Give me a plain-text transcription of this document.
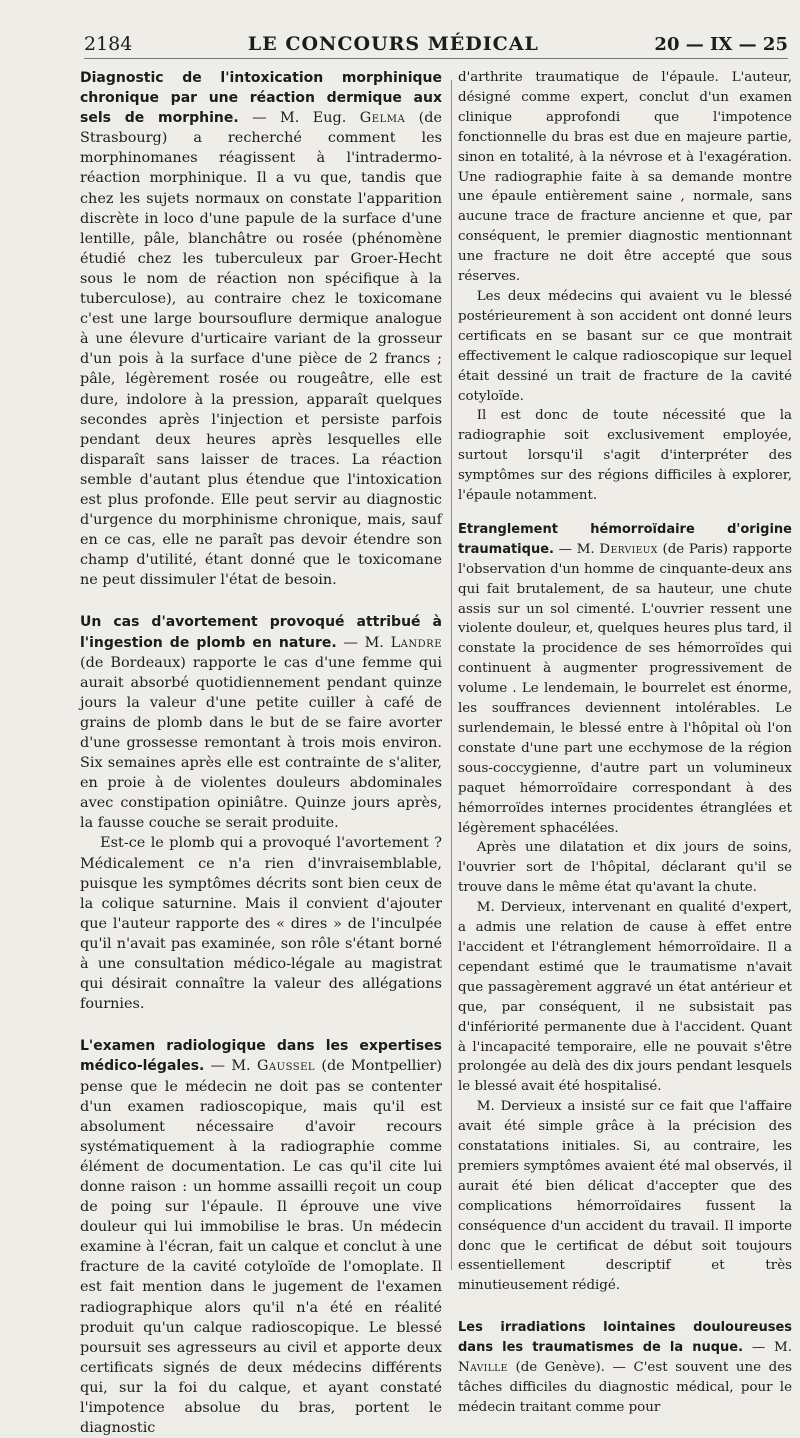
2184	LE CONCOURS MÉDICAL	20 — IX — 25

Diagnostic de l'intoxication morphinique chronique par une réaction dermique aux sels de morphine. — M. Eug. Gelma (de Strasbourg) a recherché comment les morphinomanes réagissent à l'intradermo-réaction morphinique. Il a vu que, tandis que chez les sujets normaux on constate l'apparition discrète in loco d'une papule de la surface d'une lentille, pâle, blanchâtre ou rosée (phénomène étudié chez les tuberculeux par Groer-Hecht sous le nom de réaction non spécifique à la tuberculose), au contraire chez le toxicomane c'est une large boursouflure dermique analogue à une élevure d'urticaire variant de la grosseur d'un pois à la surface d'une pièce de 2 francs ; pâle, légèrement rosée ou rougeâtre, elle est dure, indolore à la pression, apparaît quelques secondes après l'injection et persiste parfois pendant deux heures après lesquelles elle disparaît sans laisser de traces. La réaction semble d'autant plus étendue que l'intoxication est plus profonde. Elle peut servir au diagnostic d'urgence du morphinisme chronique, mais, sauf en ce cas, elle ne paraît pas devoir étendre son champ d'utilité, étant donné que le toxicomane ne peut dissimuler l'état de besoin.

Un cas d'avortement provoqué attribué à l'ingestion de plomb en nature. — M. Landre (de Bordeaux) rapporte le cas d'une femme qui aurait absorbé quotidiennement pendant quinze jours la valeur d'une petite cuiller à café de grains de plomb dans le but de se faire avorter d'une grossesse remontant à trois mois environ. Six semaines après elle est contrainte de s'aliter, en proie à de violentes douleurs abdominales avec constipation opiniâtre. Quinze jours après, la fausse couche se serait produite.

Est-ce le plomb qui a provoqué l'avortement ? Médicalement ce n'a rien d'invraisemblable, puisque les symptômes décrits sont bien ceux de la colique saturnine. Mais il convient d'ajouter que l'auteur rapporte des « dires » de l'inculpée qu'il n'avait pas examinée, son rôle s'étant borné à une consultation médico-légale au magistrat qui désirait connaître la valeur des allégations fournies.

L'examen radiologique dans les expertises médico-légales. — M. Gaussel (de Montpellier) pense que le médecin ne doit pas se contenter d'un examen radioscopique, mais qu'il est absolument nécessaire d'avoir recours systématiquement à la radiographie comme élément de documentation. Le cas qu'il cite lui donne raison : un homme assailli reçoit un coup de poing sur l'épaule. Il éprouve une vive douleur qui lui immobilise le bras. Un médecin examine à l'écran, fait un calque et conclut à une fracture de la cavité cotyloïde de l'omoplate. Il est fait mention dans le jugement de l'examen radiographique alors qu'il n'a été en réalité produit qu'un calque radioscopique. Le blessé poursuit ses agresseurs au civil et apporte deux certificats signés de deux médecins différents qui, sur la foi du calque, et ayant constaté l'impotence absolue du bras, portent le diagnostic

d'arthrite traumatique de l'épaule. L'auteur, désigné comme expert, conclut d'un examen clinique approfondi que l'impotence fonctionnelle du bras est due en majeure partie, sinon en totalité, à la névrose et à l'exagération. Une radiographie faite à sa demande montre une épaule entièrement saine , normale, sans aucune trace de fracture ancienne et que, par conséquent, le premier diagnostic mentionnant une fracture ne doit être accepté que sous réserves.

Les deux médecins qui avaient vu le blessé postérieurement à son accident ont donné leurs certificats en se basant sur ce que montrait effectivement le calque radioscopique sur lequel était dessiné un trait de fracture de la cavité cotyloïde.

Il est donc de toute nécessité que la radiographie soit exclusivement employée, surtout lorsqu'il s'agit d'interpréter des symptômes sur des régions difficiles à explorer, l'épaule notamment.

Etranglement hémorroïdaire d'origine traumatique. — M. Dervieux (de Paris) rapporte l'observation d'un homme de cinquante-deux ans qui fait brutalement, de sa hauteur, une chute assis sur un sol cimenté. L'ouvrier ressent une violente douleur, et, quelques heures plus tard, il constate la procidence de ses hémorroïdes qui continuent à augmenter progressivement de volume . Le lendemain, le bourrelet est énorme, les souffrances deviennent intolérables. Le surlendemain, le blessé entre à l'hôpital où l'on constate d'une part une ecchymose de la région sous-coccygienne, d'autre part un volumineux paquet hémorroïdaire correspondant à des hémorroïdes internes procidentes étranglées et légèrement sphacélées.

Après une dilatation et dix jours de soins, l'ouvrier sort de l'hôpital, déclarant qu'il se trouve dans le même état qu'avant la chute.

M. Dervieux, intervenant en qualité d'expert, a admis une relation de cause à effet entre l'accident et l'étranglement hémorroïdaire. Il a cependant estimé que le traumatisme n'avait que passagèrement aggravé un état antérieur et que, par conséquent, il ne subsistait pas d'infériorité permanente due à l'accident. Quant à l'incapacité temporaire, elle ne pouvait s'être prolongée au delà des dix jours pendant lesquels le blessé avait été hospitalisé.

M. Dervieux a insisté sur ce fait que l'affaire avait été simple grâce à la précision des constatations initiales. Si, au contraire, les premiers symptômes avaient été mal observés, il aurait été bien délicat d'accepter que des complications hémorroïdaires fussent la conséquence d'un accident du travail. Il importe donc que le certificat de début soit toujours essentiellement descriptif et très minutieusement rédigé.

Les irradiations lointaines douloureuses dans les traumatismes de la nuque. — M. Naville (de Genève). — C'est souvent une des tâches difficiles du diagnostic médical, pour le médecin traitant comme pour
